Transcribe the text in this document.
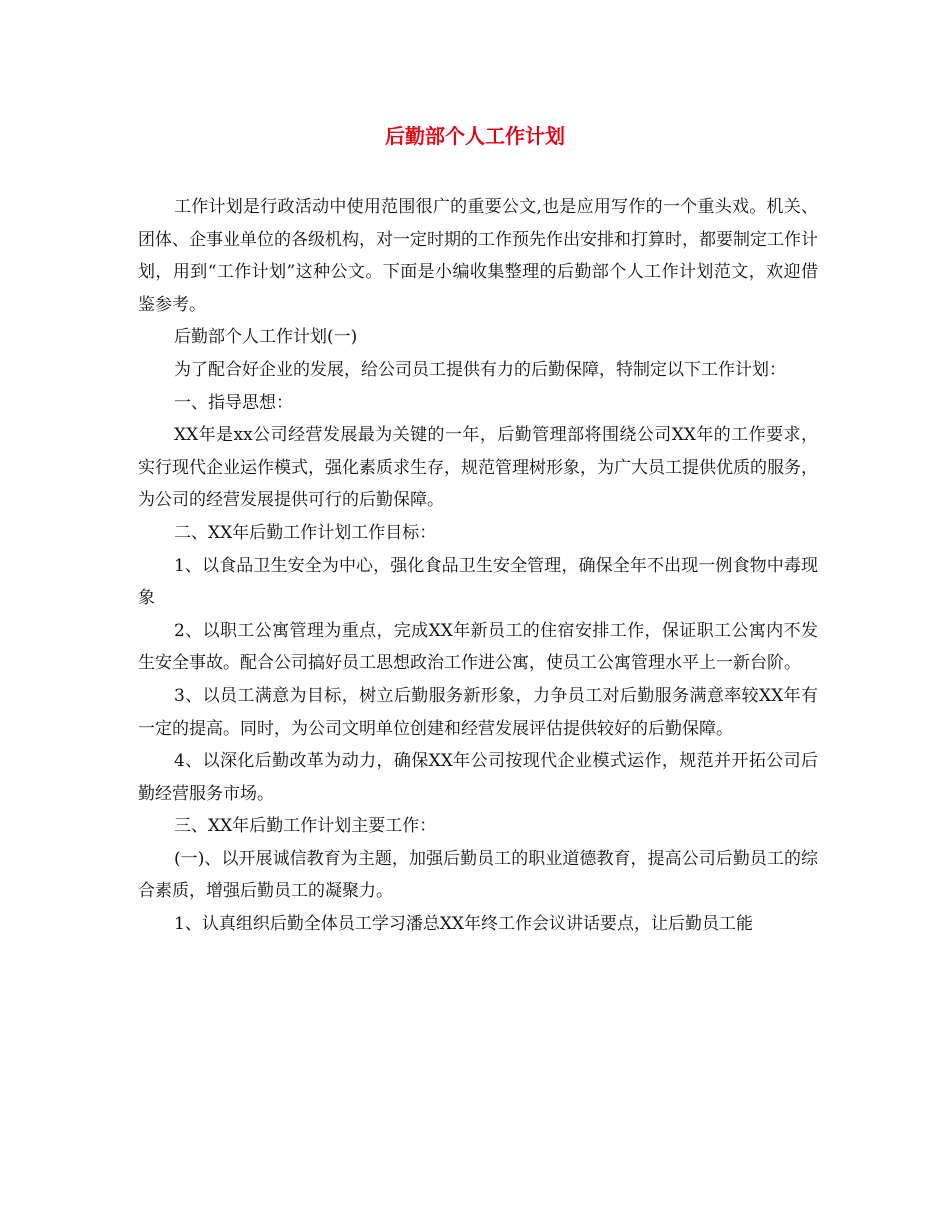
后勤部个人工作计划

工作计划是行政活动中使用范围很广的重要公文,也是应用写作的一个重头戏。机关、团体、企事业单位的各级机构，对一定时期的工作预先作出安排和打算时，都要制定工作计划，用到“工作计划”这种公文。下面是小编收集整理的后勤部个人工作计划范文，欢迎借鉴参考。

后勤部个人工作计划(一)

为了配合好企业的发展，给公司员工提供有力的后勤保障，特制定以下工作计划：

一、指导思想：

XX年是xx公司经营发展最为关键的一年，后勤管理部将围绕公司XX年的工作要求，实行现代企业运作模式，强化素质求生存，规范管理树形象，为广大员工提供优质的服务，为公司的经营发展提供可行的后勤保障。

二、XX年后勤工作计划工作目标：

1、以食品卫生安全为中心，强化食品卫生安全管理，确保全年不出现一例食物中毒现象

2、以职工公寓管理为重点，完成XX年新员工的住宿安排工作，保证职工公寓内不发生安全事故。配合公司搞好员工思想政治工作进公寓，使员工公寓管理水平上一新台阶。

3、以员工满意为目标，树立后勤服务新形象，力争员工对后勤服务满意率较XX年有一定的提高。同时，为公司文明单位创建和经营发展评估提供较好的后勤保障。

4、以深化后勤改革为动力，确保XX年公司按现代企业模式运作，规范并开拓公司后勤经营服务市场。

三、XX年后勤工作计划主要工作：

(一)、以开展诚信教育为主题，加强后勤员工的职业道德教育，提高公司后勤员工的综合素质，增强后勤员工的凝聚力。

1、认真组织后勤全体员工学习潘总XX年终工作会议讲话要点，让后勤员工能
